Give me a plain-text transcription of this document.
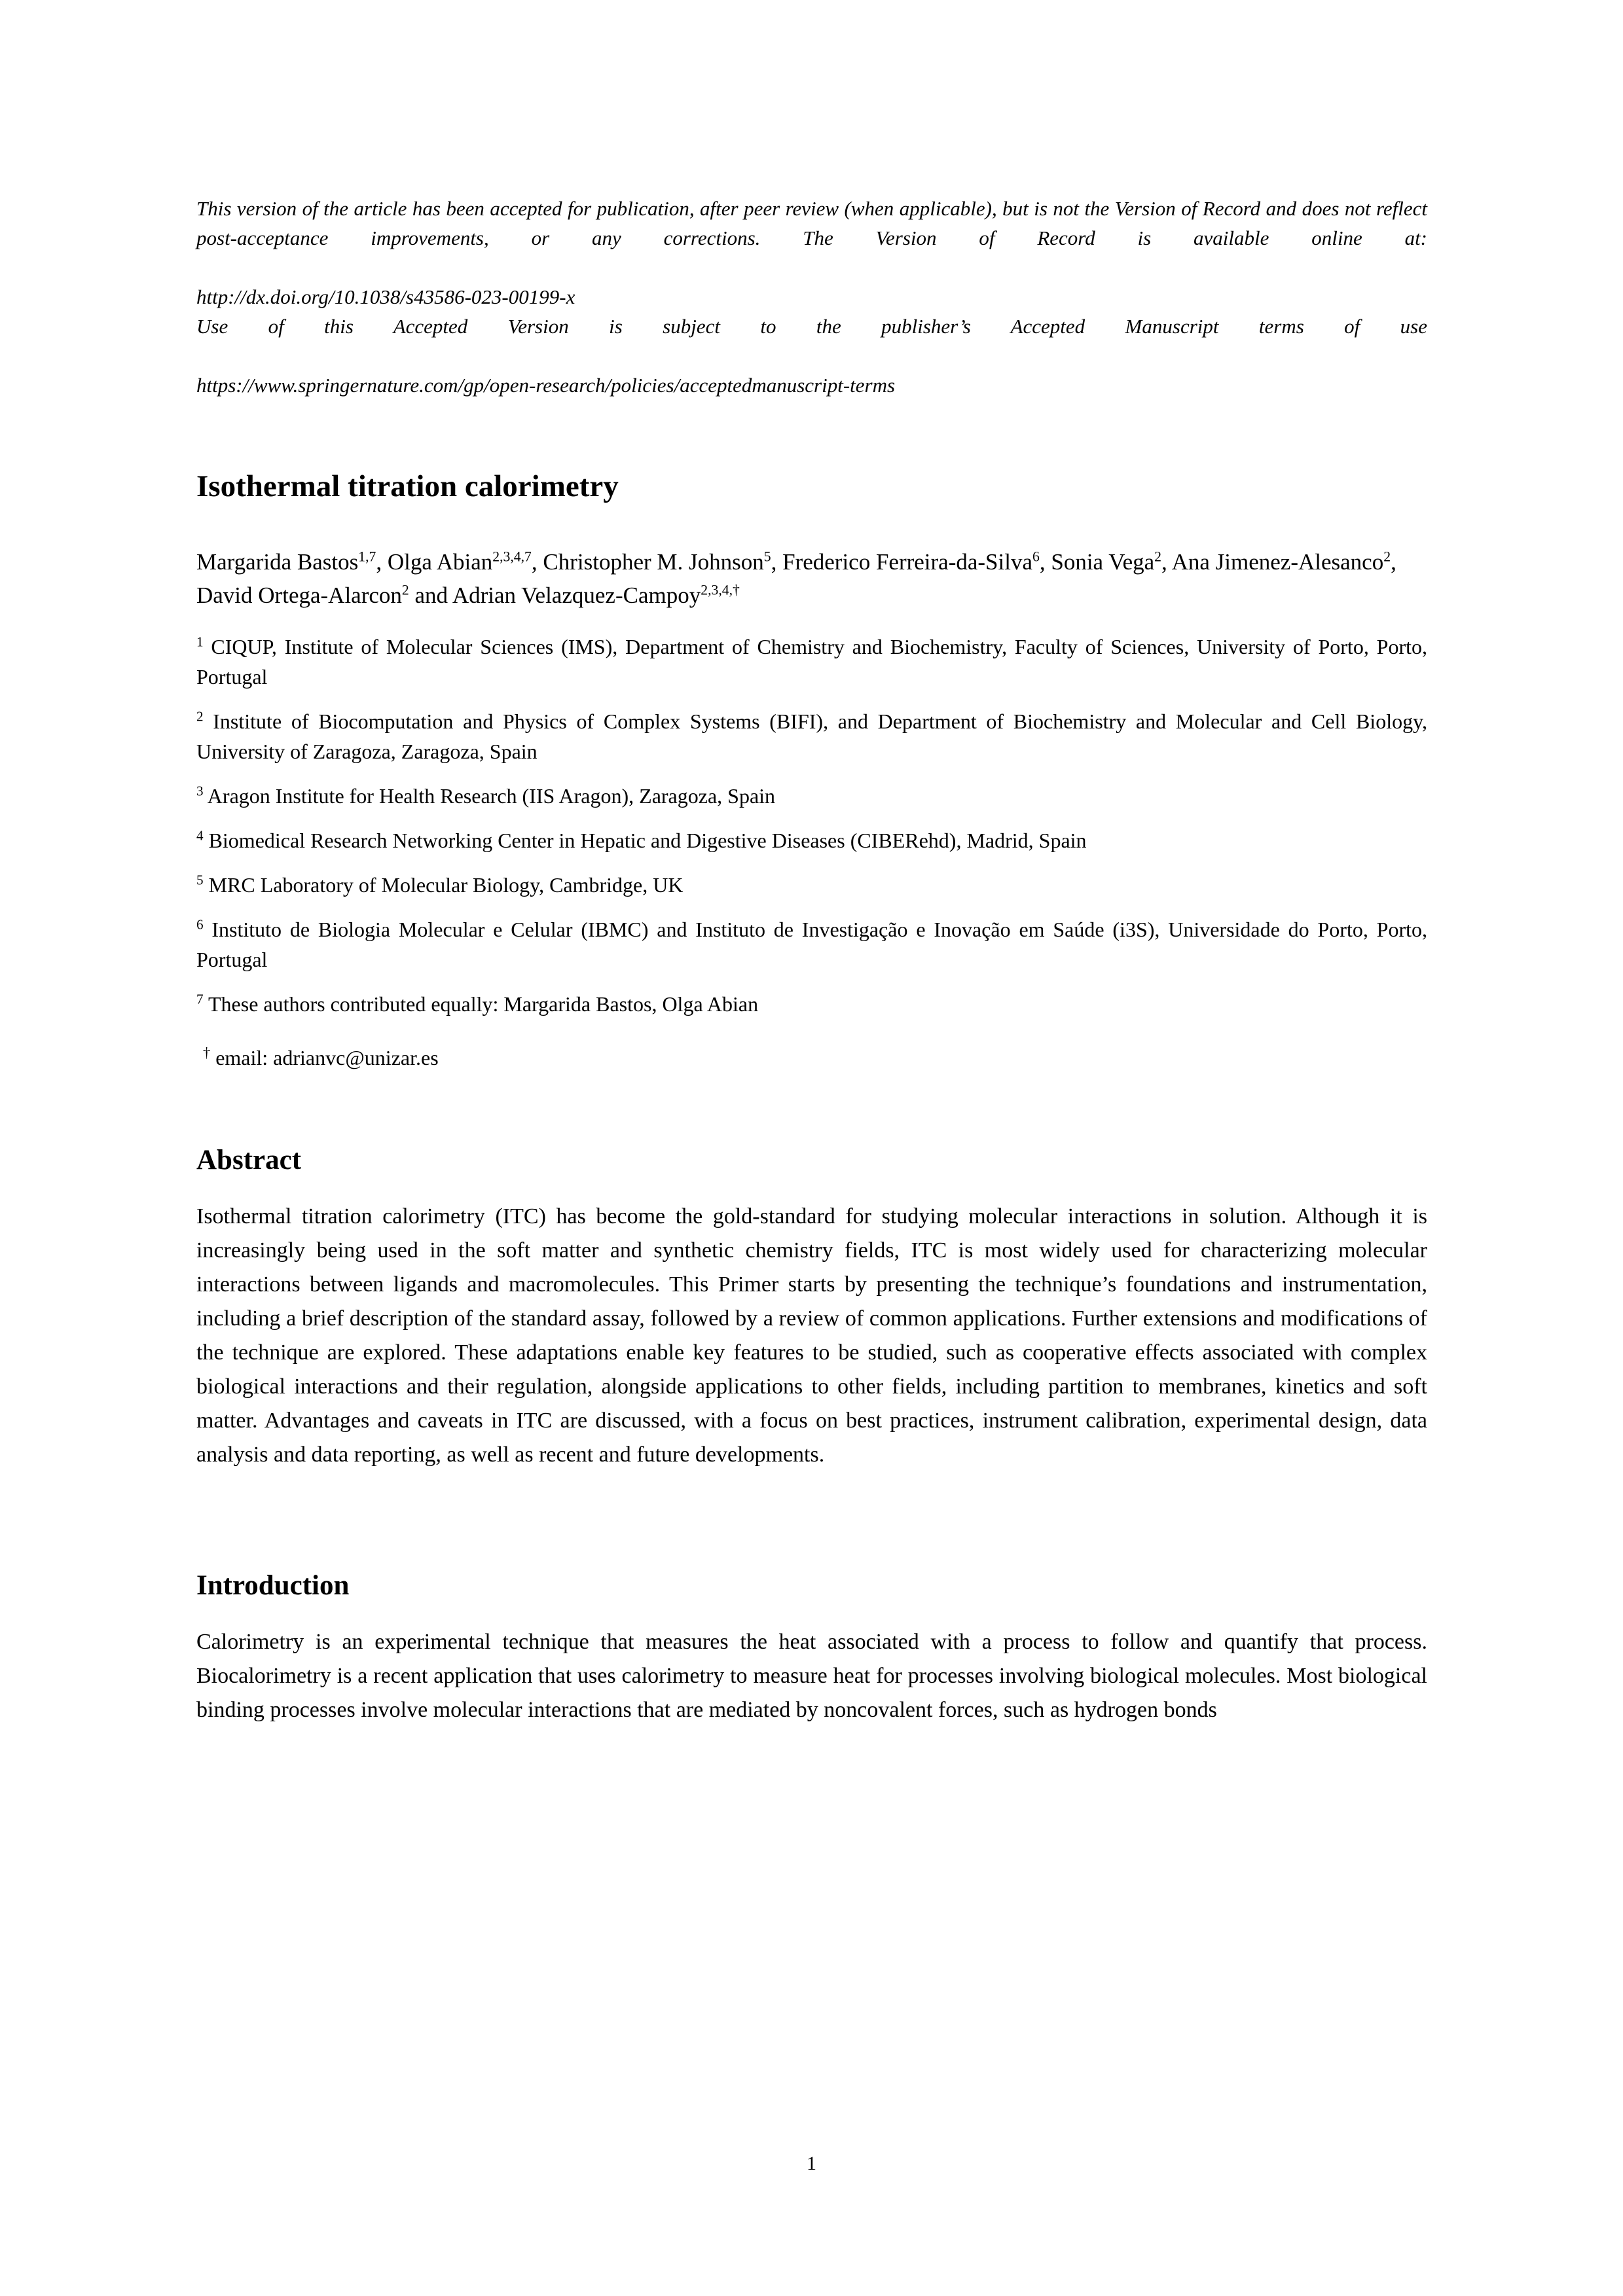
This version of the article has been accepted for publication, after peer review (when applicable), but is not the Version of Record and does not reflect post-acceptance improvements, or any corrections. The Version of Record is available online at:

http://dx.doi.org/10.1038/s43586-023-00199-x

Use of this Accepted Version is subject to the publisher’s Accepted Manuscript terms of use

https://www.springernature.com/gp/open-research/policies/acceptedmanuscript-terms

Isothermal titration calorimetry

Margarida Bastos$^{1,7}$, Olga Abian$^{2,3,4,7}$, Christopher M. Johnson$^5$, Frederico Ferreira-da-Silva$^6$, Sonia Vega$^2$, Ana Jimenez-Alesanco$^2$, David Ortega-Alarcon$^2$ and Adrian Velazquez-Campoy$^{2,3,4,\dagger}$

$^1$ CIQUP, Institute of Molecular Sciences (IMS), Department of Chemistry and Biochemistry, Faculty of Sciences, University of Porto, Porto, Portugal

$^2$ Institute of Biocomputation and Physics of Complex Systems (BIFI), and Department of Biochemistry and Molecular and Cell Biology, University of Zaragoza, Zaragoza, Spain

$^3$ Aragon Institute for Health Research (IIS Aragon), Zaragoza, Spain

$^4$ Biomedical Research Networking Center in Hepatic and Digestive Diseases (CIBERehd), Madrid, Spain

$^5$ MRC Laboratory of Molecular Biology, Cambridge, UK

$^6$ Instituto de Biologia Molecular e Celular (IBMC) and Instituto de Investigação e Inovação em Saúde (i3S), Universidade do Porto, Porto, Portugal

$^7$ These authors contributed equally: Margarida Bastos, Olga Abian

† email: adrianvc@unizar.es

Abstract

Isothermal titration calorimetry (ITC) has become the gold-standard for studying molecular interactions in solution. Although it is increasingly being used in the soft matter and synthetic chemistry fields, ITC is most widely used for characterizing molecular interactions between ligands and macromolecules. This Primer starts by presenting the technique’s foundations and instrumentation, including a brief description of the standard assay, followed by a review of common applications. Further extensions and modifications of the technique are explored. These adaptations enable key features to be studied, such as cooperative effects associated with complex biological interactions and their regulation, alongside applications to other fields, including partition to membranes, kinetics and soft matter. Advantages and caveats in ITC are discussed, with a focus on best practices, instrument calibration, experimental design, data analysis and data reporting, as well as recent and future developments.

Introduction

Calorimetry is an experimental technique that measures the heat associated with a process to follow and quantify that process. Biocalorimetry is a recent application that uses calorimetry to measure heat for processes involving biological molecules. Most biological binding processes involve molecular interactions that are mediated by noncovalent forces, such as hydrogen bonds

1
